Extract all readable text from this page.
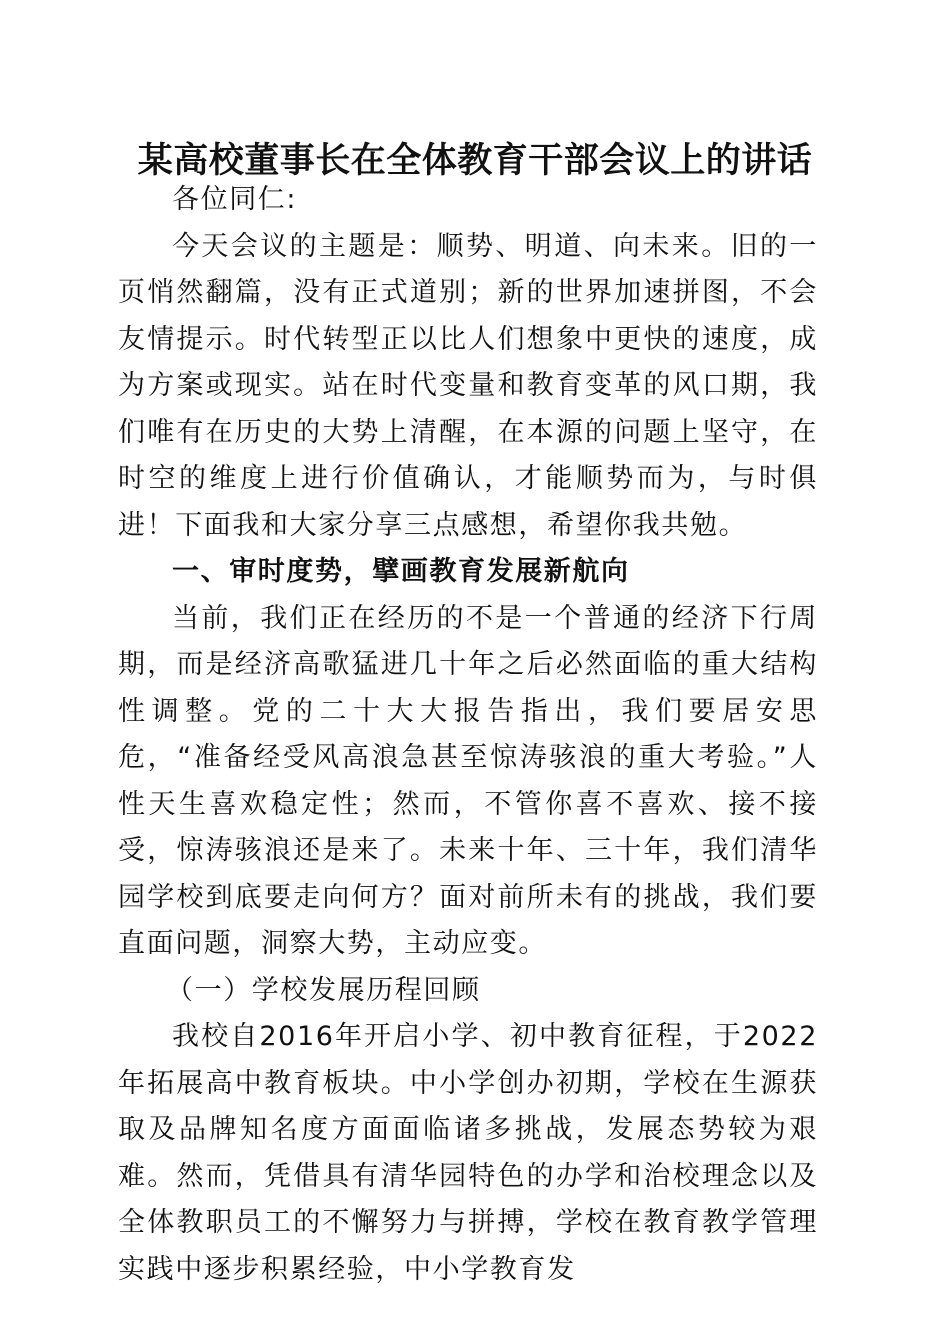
某高校董事长在全体教育干部会议上的讲话

各位同仁:

今天会议的主题是：顺势、明道、向未来。旧的一页悄然翻篇，没有正式道别；新的世界加速拼图，不会友情提示。时代转型正以比人们想象中更快的速度，成为方案或现实。站在时代变量和教育变革的风口期，我们唯有在历史的大势上清醒，在本源的问题上坚守，在时空的维度上进行价值确认，才能顺势而为，与时俱进！下面我和大家分享三点感想，希望你我共勉。

一、审时度势，擘画教育发展新航向

当前，我们正在经历的不是一个普通的经济下行周期，而是经济高歌猛进几十年之后必然面临的重大结构性调整。党的二十大大报告指出，我们要居安思危，“准备经受风高浪急甚至惊涛骇浪的重大考验。”人性天生喜欢稳定性；然而，不管你喜不喜欢、接不接受，惊涛骇浪还是来了。未来十年、三十年，我们清华园学校到底要走向何方？面对前所未有的挑战，我们要直面问题，洞察大势，主动应变。

（一）学校发展历程回顾

我校自2016年开启小学、初中教育征程，于2022年拓展高中教育板块。中小学创办初期，学校在生源获取及品牌知名度方面面临诸多挑战，发展态势较为艰难。然而，凭借具有清华园特色的办学和治校理念以及全体教职员工的不懈努力与拼搏，学校在教育教学管理实践中逐步积累经验，中小学教育发
